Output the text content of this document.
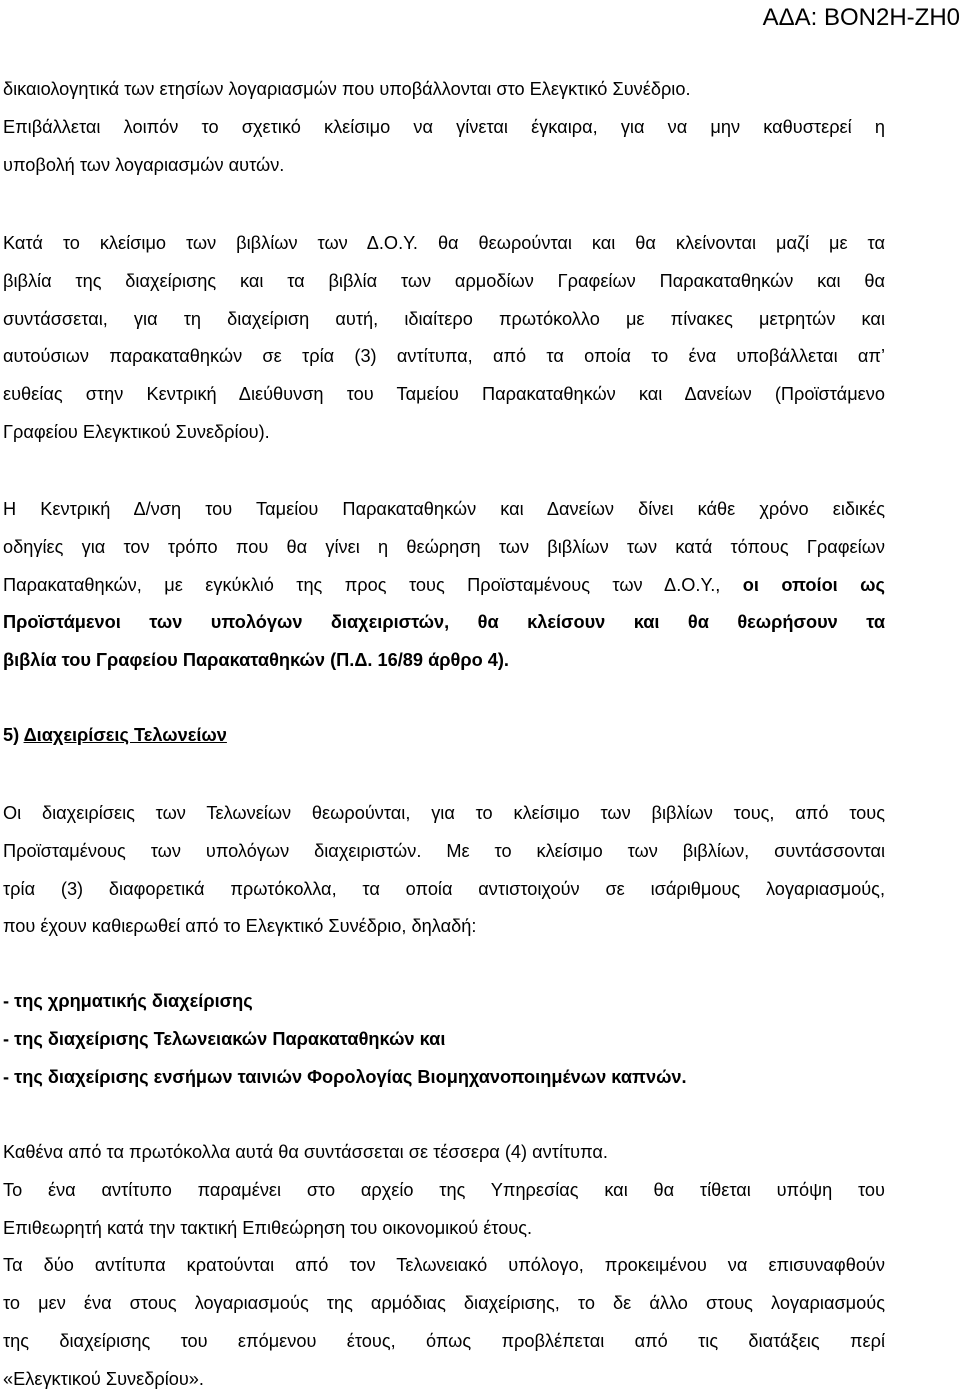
ΑΔΑ: ΒΟΝ2Η-ΖΗ0
δικαιολογητικά των ετησίων λογαριασμών που υποβάλλονται στο Ελεγκτικό Συνέδριο.
Επιβάλλεται λοιπόν το σχετικό κλείσιμο να γίνεται έγκαιρα, για να μην καθυστερεί η
υποβολή των λογαριασμών αυτών.
Κατά το κλείσιμο των βιβλίων των Δ.Ο.Υ. θα θεωρούνται και θα κλείνονται μαζί με τα
βιβλία της διαχείρισης και τα βιβλία των αρμοδίων Γραφείων Παρακαταθηκών και θα
συντάσσεται, για τη διαχείριση αυτή, ιδιαίτερο πρωτόκολλο με πίνακες μετρητών και
αυτούσιων παρακαταθηκών σε τρία (3) αντίτυπα, από τα οποία το ένα υποβάλλεται απ’
ευθείας στην Κεντρική Διεύθυνση του Ταμείου Παρακαταθηκών και Δανείων (Προϊστάμενο
Γραφείου Ελεγκτικού Συνεδρίου).
Η Κεντρική Δ/νση του Ταμείου Παρακαταθηκών και Δανείων δίνει κάθε χρόνο ειδικές
οδηγίες για τον τρόπο που θα γίνει η θεώρηση των βιβλίων των κατά τόπους Γραφείων
Παρακαταθηκών, με εγκύκλιό της προς τους Προϊσταμένους των Δ.Ο.Υ., οι οποίοι ως
Προϊστάμενοι των υπολόγων διαχειριστών, θα κλείσουν και θα θεωρήσουν τα
βιβλία του Γραφείου Παρακαταθηκών (Π.Δ. 16/89 άρθρο 4).
5) Διαχειρίσεις Τελωνείων
Οι διαχειρίσεις των Τελωνείων θεωρούνται, για το κλείσιμο των βιβλίων τους, από τους
Προϊσταμένους των υπολόγων διαχειριστών. Με το κλείσιμο των βιβλίων, συντάσσονται
τρία (3) διαφορετικά πρωτόκολλα, τα οποία αντιστοιχούν σε ισάριθμους λογαριασμούς,
που έχουν καθιερωθεί από το Ελεγκτικό Συνέδριο, δηλαδή:
- της χρηματικής διαχείρισης
- της διαχείρισης Τελωνειακών Παρακαταθηκών και
- της διαχείρισης ενσήμων ταινιών Φορολογίας Βιομηχανοποιημένων καπνών.
Καθένα από τα πρωτόκολλα αυτά θα συντάσσεται σε τέσσερα (4) αντίτυπα.
Το ένα αντίτυπο παραμένει στο αρχείο της Υπηρεσίας και θα τίθεται υπόψη του
Επιθεωρητή κατά την τακτική Επιθεώρηση του οικονομικού έτους.
Τα δύο αντίτυπα κρατούνται από τον Τελωνειακό υπόλογο, προκειμένου να επισυναφθούν
το μεν ένα στους λογαριασμούς της αρμόδιας διαχείρισης, το δε άλλο στους λογαριασμούς
της διαχείρισης του επόμενου έτους, όπως προβλέπεται από τις διατάξεις περί
«Ελεγκτικού Συνεδρίου».
